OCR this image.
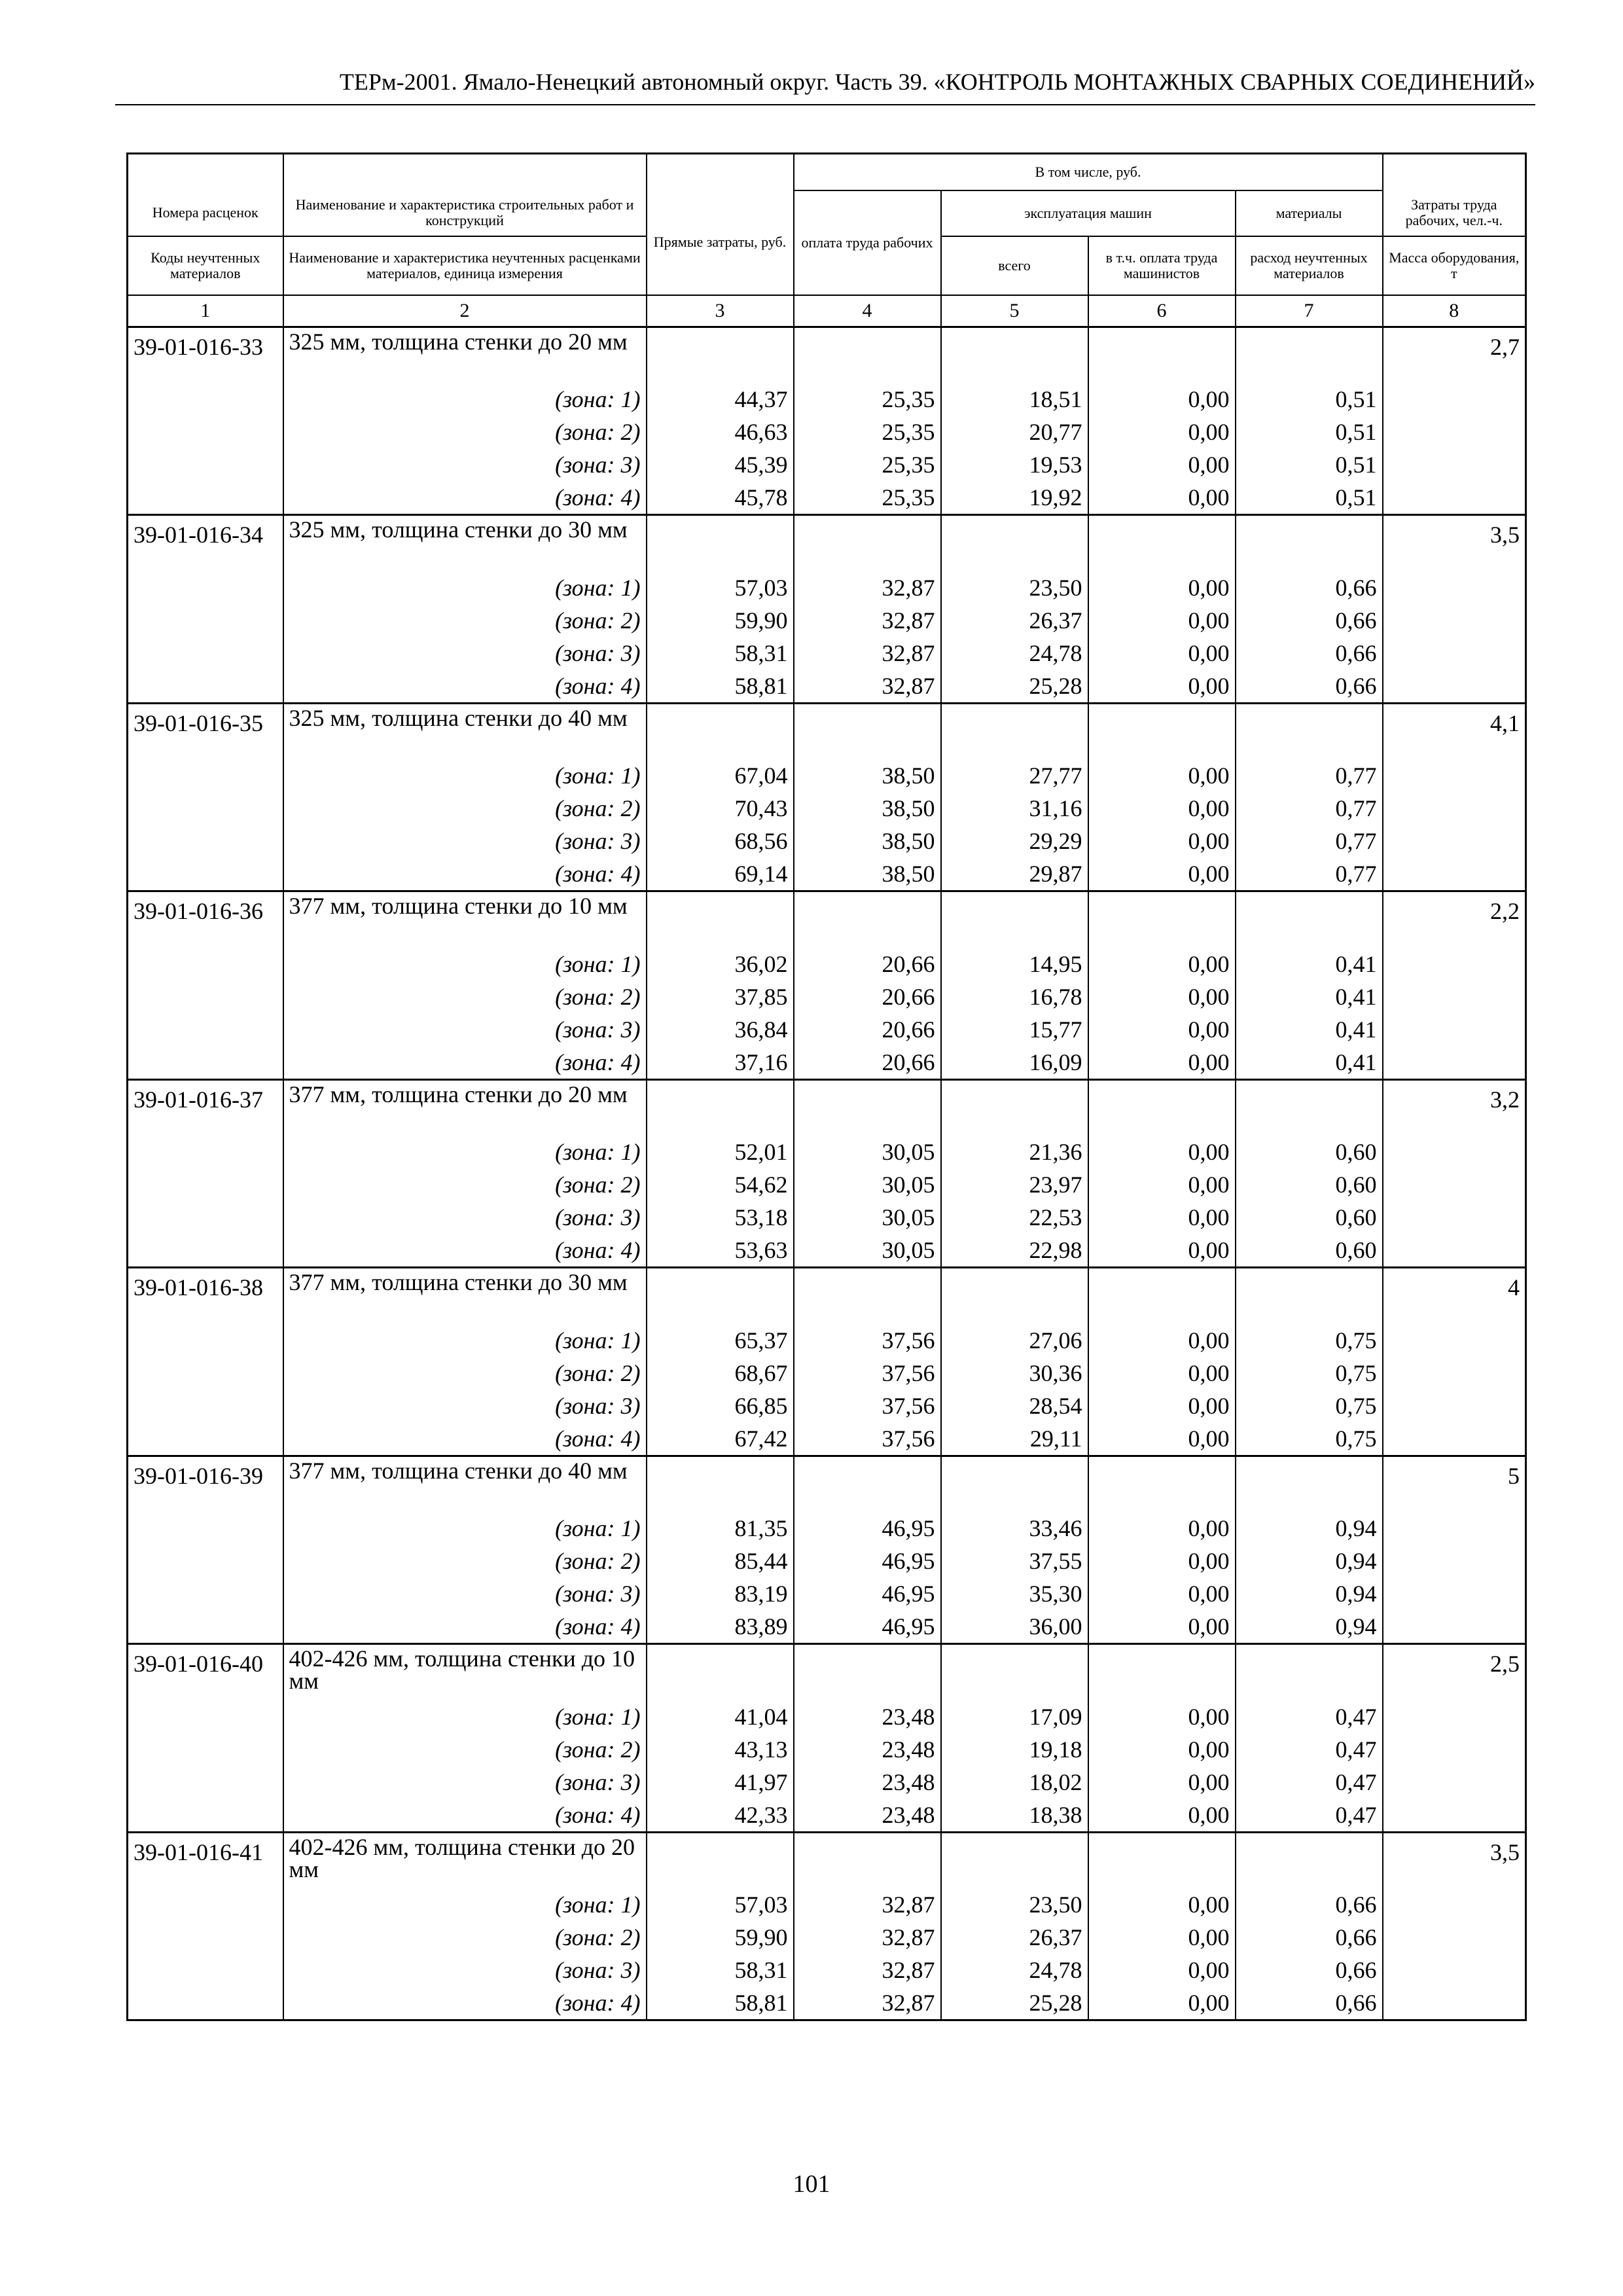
ТЕРм-2001. Ямало-Ненецкий автономный округ. Часть 39. «КОНТРОЛЬ МОНТАЖНЫХ СВАРНЫХ СОЕДИНЕНИЙ»
			В том числе, руб.				
Номера расценок	Наименование и характеристика строительных работ и конструкций	Прямые затраты, руб.	оплата труда рабочих	эксплуатация машин		материалы	Затраты труда рабочих, чел.-ч.
Коды неучтенных материалов	Наименование и характеристика неучтенных расценками материалов, единица измерения			всего	в т.ч. оплата труда машинистов	расход неучтенных материалов	Масса оборудования, т
1	2	3	4	5	6	7	8
39-01-016-33	325 мм, толщина стенки до 20 мм						2,7
	(зона: 1)	44,37	25,35	18,51	0,00	0,51	
	(зона: 2)	46,63	25,35	20,77	0,00	0,51	
	(зона: 3)	45,39	25,35	19,53	0,00	0,51	
	(зона: 4)	45,78	25,35	19,92	0,00	0,51	
39-01-016-34	325 мм, толщина стенки до 30 мм						3,5
	(зона: 1)	57,03	32,87	23,50	0,00	0,66	
	(зона: 2)	59,90	32,87	26,37	0,00	0,66	
	(зона: 3)	58,31	32,87	24,78	0,00	0,66	
	(зона: 4)	58,81	32,87	25,28	0,00	0,66	
39-01-016-35	325 мм, толщина стенки до 40 мм						4,1
	(зона: 1)	67,04	38,50	27,77	0,00	0,77	
	(зона: 2)	70,43	38,50	31,16	0,00	0,77	
	(зона: 3)	68,56	38,50	29,29	0,00	0,77	
	(зона: 4)	69,14	38,50	29,87	0,00	0,77	
39-01-016-36	377 мм, толщина стенки до 10 мм						2,2
	(зона: 1)	36,02	20,66	14,95	0,00	0,41	
	(зона: 2)	37,85	20,66	16,78	0,00	0,41	
	(зона: 3)	36,84	20,66	15,77	0,00	0,41	
	(зона: 4)	37,16	20,66	16,09	0,00	0,41	
39-01-016-37	377 мм, толщина стенки до 20 мм						3,2
	(зона: 1)	52,01	30,05	21,36	0,00	0,60	
	(зона: 2)	54,62	30,05	23,97	0,00	0,60	
	(зона: 3)	53,18	30,05	22,53	0,00	0,60	
	(зона: 4)	53,63	30,05	22,98	0,00	0,60	
39-01-016-38	377 мм, толщина стенки до 30 мм						4
	(зона: 1)	65,37	37,56	27,06	0,00	0,75	
	(зона: 2)	68,67	37,56	30,36	0,00	0,75	
	(зона: 3)	66,85	37,56	28,54	0,00	0,75	
	(зона: 4)	67,42	37,56	29,11	0,00	0,75	
39-01-016-39	377 мм, толщина стенки до 40 мм						5
	(зона: 1)	81,35	46,95	33,46	0,00	0,94	
	(зона: 2)	85,44	46,95	37,55	0,00	0,94	
	(зона: 3)	83,19	46,95	35,30	0,00	0,94	
	(зона: 4)	83,89	46,95	36,00	0,00	0,94	
39-01-016-40	402-426 мм, толщина стенки до 10 мм						2,5
	(зона: 1)	41,04	23,48	17,09	0,00	0,47	
	(зона: 2)	43,13	23,48	19,18	0,00	0,47	
	(зона: 3)	41,97	23,48	18,02	0,00	0,47	
	(зона: 4)	42,33	23,48	18,38	0,00	0,47	
39-01-016-41	402-426 мм, толщина стенки до 20 мм						3,5
	(зона: 1)	57,03	32,87	23,50	0,00	0,66	
	(зона: 2)	59,90	32,87	26,37	0,00	0,66	
	(зона: 3)	58,31	32,87	24,78	0,00	0,66	
	(зона: 4)	58,81	32,87	25,28	0,00	0,66	
101
